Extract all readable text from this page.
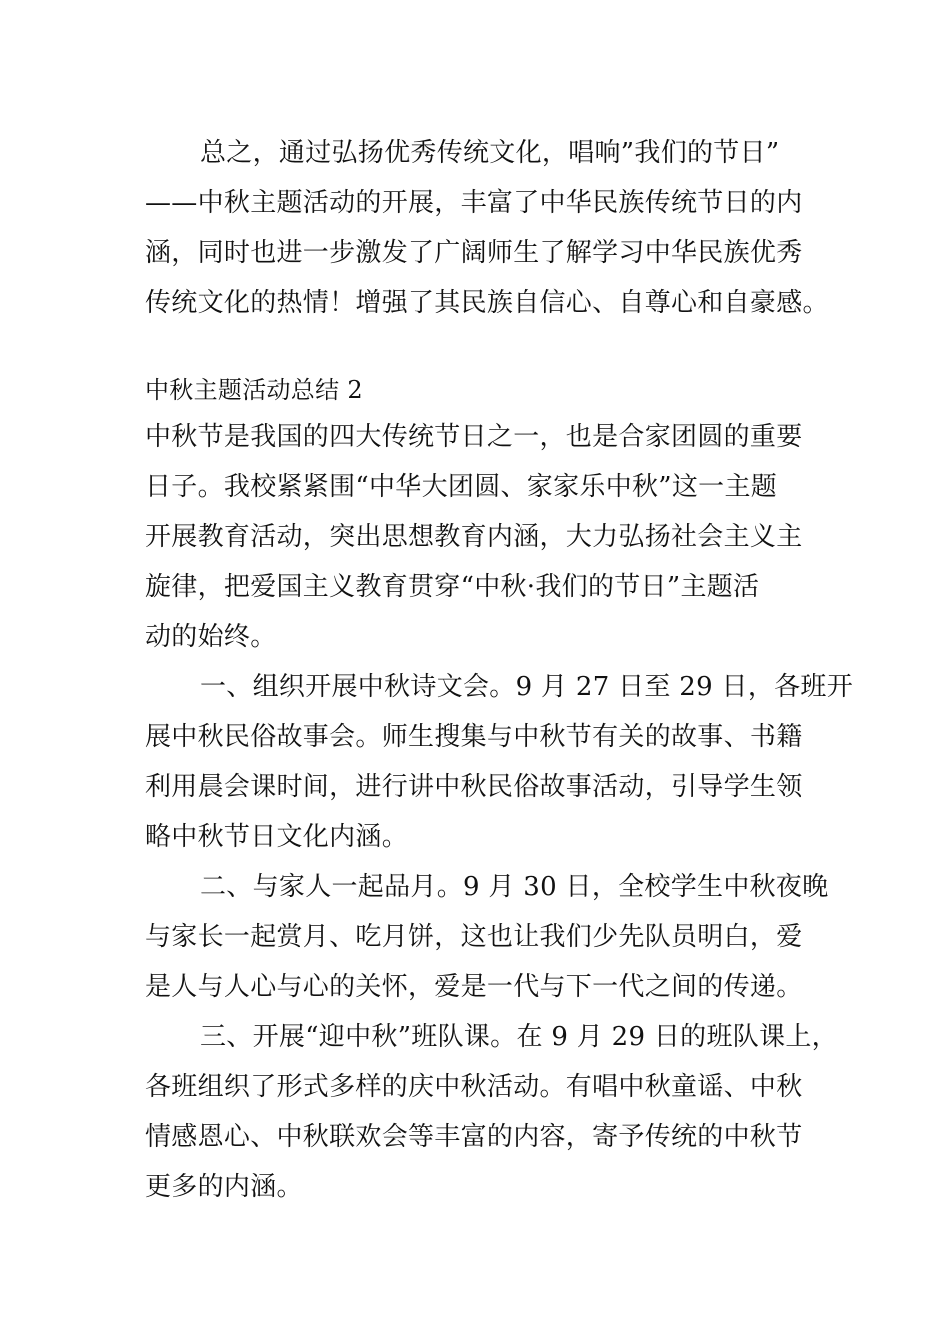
总之，通过弘扬优秀传统文化，唱响”我们的节日”
——中秋主题活动的开展，丰富了中华民族传统节日的内
涵，同时也进一步激发了广阔师生了解学习中华民族优秀
传统文化的热情！增强了其民族自信心、自尊心和自豪感。
中秋主题活动总结 2
中秋节是我国的四大传统节日之一，也是合家团圆的重要
日子。我校紧紧围“中华大团圆、家家乐中秋”这一主题
开展教育活动，突出思想教育内涵，大力弘扬社会主义主
旋律，把爱国主义教育贯穿“中秋·我们的节日”主题活
动的始终。
一、组织开展中秋诗文会。9 月 27 日至 29 日，各班开
展中秋民俗故事会。师生搜集与中秋节有关的故事、书籍
利用晨会课时间，进行讲中秋民俗故事活动，引导学生领
略中秋节日文化内涵。
二、与家人一起品月。9 月 30 日，全校学生中秋夜晚
与家长一起赏月、吃月饼，这也让我们少先队员明白，爱
是人与人心与心的关怀，爱是一代与下一代之间的传递。
三、开展“迎中秋”班队课。在 9 月 29 日的班队课上，
各班组织了形式多样的庆中秋活动。有唱中秋童谣、中秋
情感恩心、中秋联欢会等丰富的内容，寄予传统的中秋节
更多的内涵。
